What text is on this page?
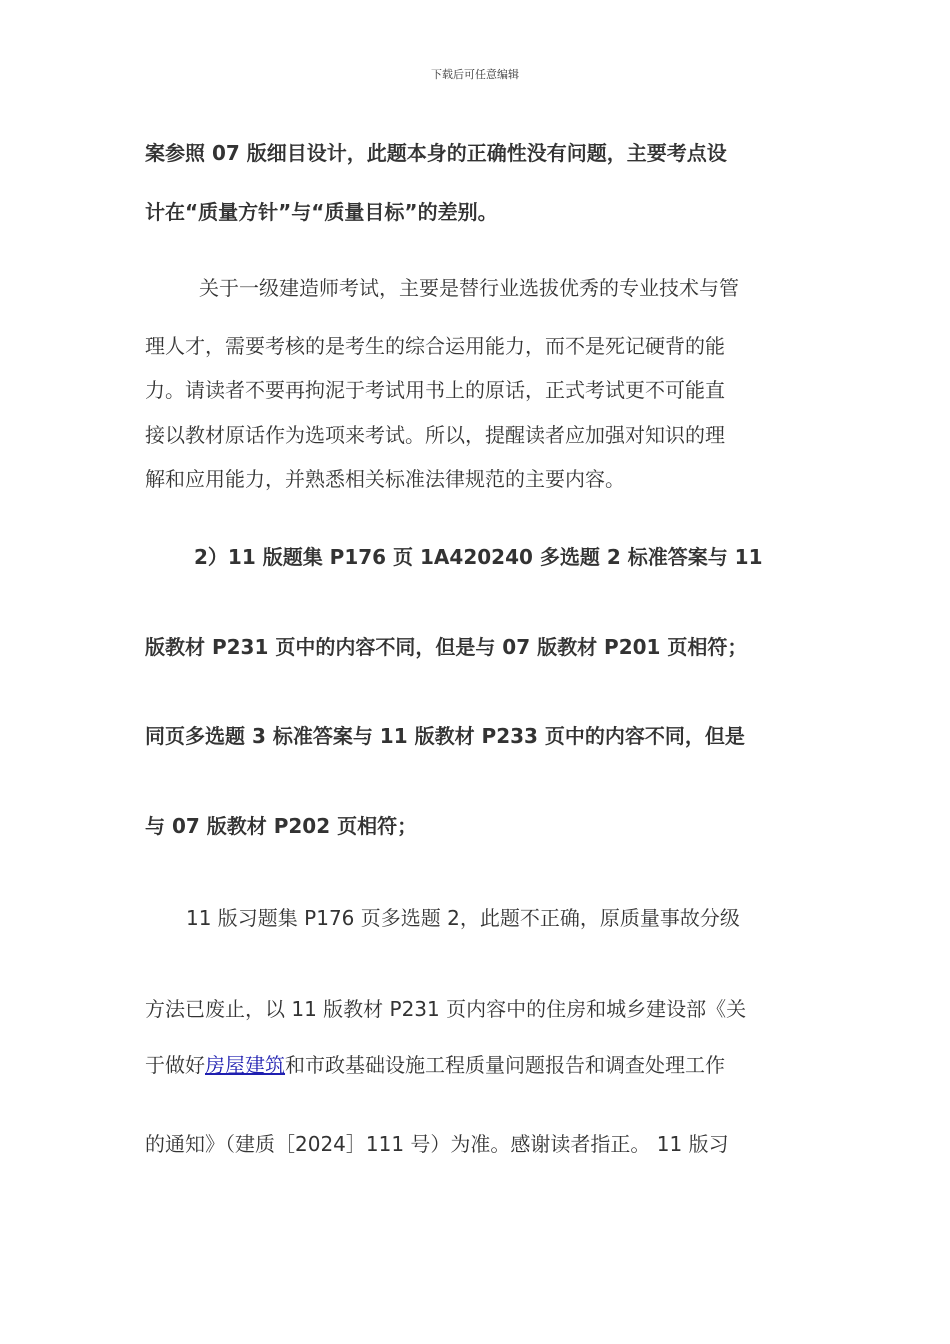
下载后可任意编辑
案参照 07 版细目设计，此题本身的正确性没有问题，主要考点设
计在“质量方针”与“质量目标”的差别。
关于一级建造师考试，主要是替行业选拔优秀的专业技术与管
理人才，需要考核的是考生的综合运用能力，而不是死记硬背的能
力。请读者不要再拘泥于考试用书上的原话，正式考试更不可能直
接以教材原话作为选项来考试。所以，提醒读者应加强对知识的理
解和应用能力，并熟悉相关标准法律规范的主要内容。
2）11 版题集 P176 页 1A420240 多选题 2 标准答案与 11
版教材 P231 页中的内容不同，但是与 07 版教材 P201 页相符；
同页多选题 3 标准答案与 11 版教材 P233 页中的内容不同，但是
与 07 版教材 P202 页相符；
11 版习题集 P176 页多选题 2，此题不正确，原质量事故分级
方法已废止，以 11 版教材 P231 页内容中的住房和城乡建设部《关
于做好房屋建筑和市政基础设施工程质量问题报告和调查处理工作
的通知》（建质［2024］111 号）为准。感谢读者指正。 11 版习
